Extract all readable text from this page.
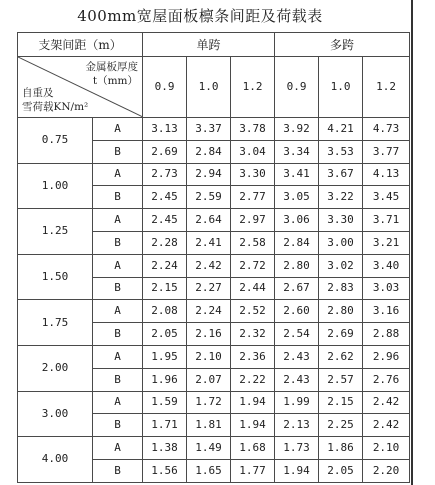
400mm宽屋面板檩条间距及荷载表
支架间距（m）		单跨			多跨		

金属板厚度
t（mm）
自重及
雪荷载KN/m²		0.9	1.0	1.2	0.9	1.0	1.2
0.75	A	3.13	3.37	3.78	3.92	4.21	4.73
	B	2.69	2.84	3.04	3.34	3.53	3.77
1.00	A	2.73	2.94	3.30	3.41	3.67	4.13
	B	2.45	2.59	2.77	3.05	3.22	3.45
1.25	A	2.45	2.64	2.97	3.06	3.30	3.71
	B	2.28	2.41	2.58	2.84	3.00	3.21
1.50	A	2.24	2.42	2.72	2.80	3.02	3.40
	B	2.15	2.27	2.44	2.67	2.83	3.03
1.75	A	2.08	2.24	2.52	2.60	2.80	3.16
	B	2.05	2.16	2.32	2.54	2.69	2.88
2.00	A	1.95	2.10	2.36	2.43	2.62	2.96
	B	1.96	2.07	2.22	2.43	2.57	2.76
3.00	A	1.59	1.72	1.94	1.99	2.15	2.42
	B	1.71	1.81	1.94	2.13	2.25	2.42
4.00	A	1.38	1.49	1.68	1.73	1.86	2.10
	B	1.56	1.65	1.77	1.94	2.05	2.20
